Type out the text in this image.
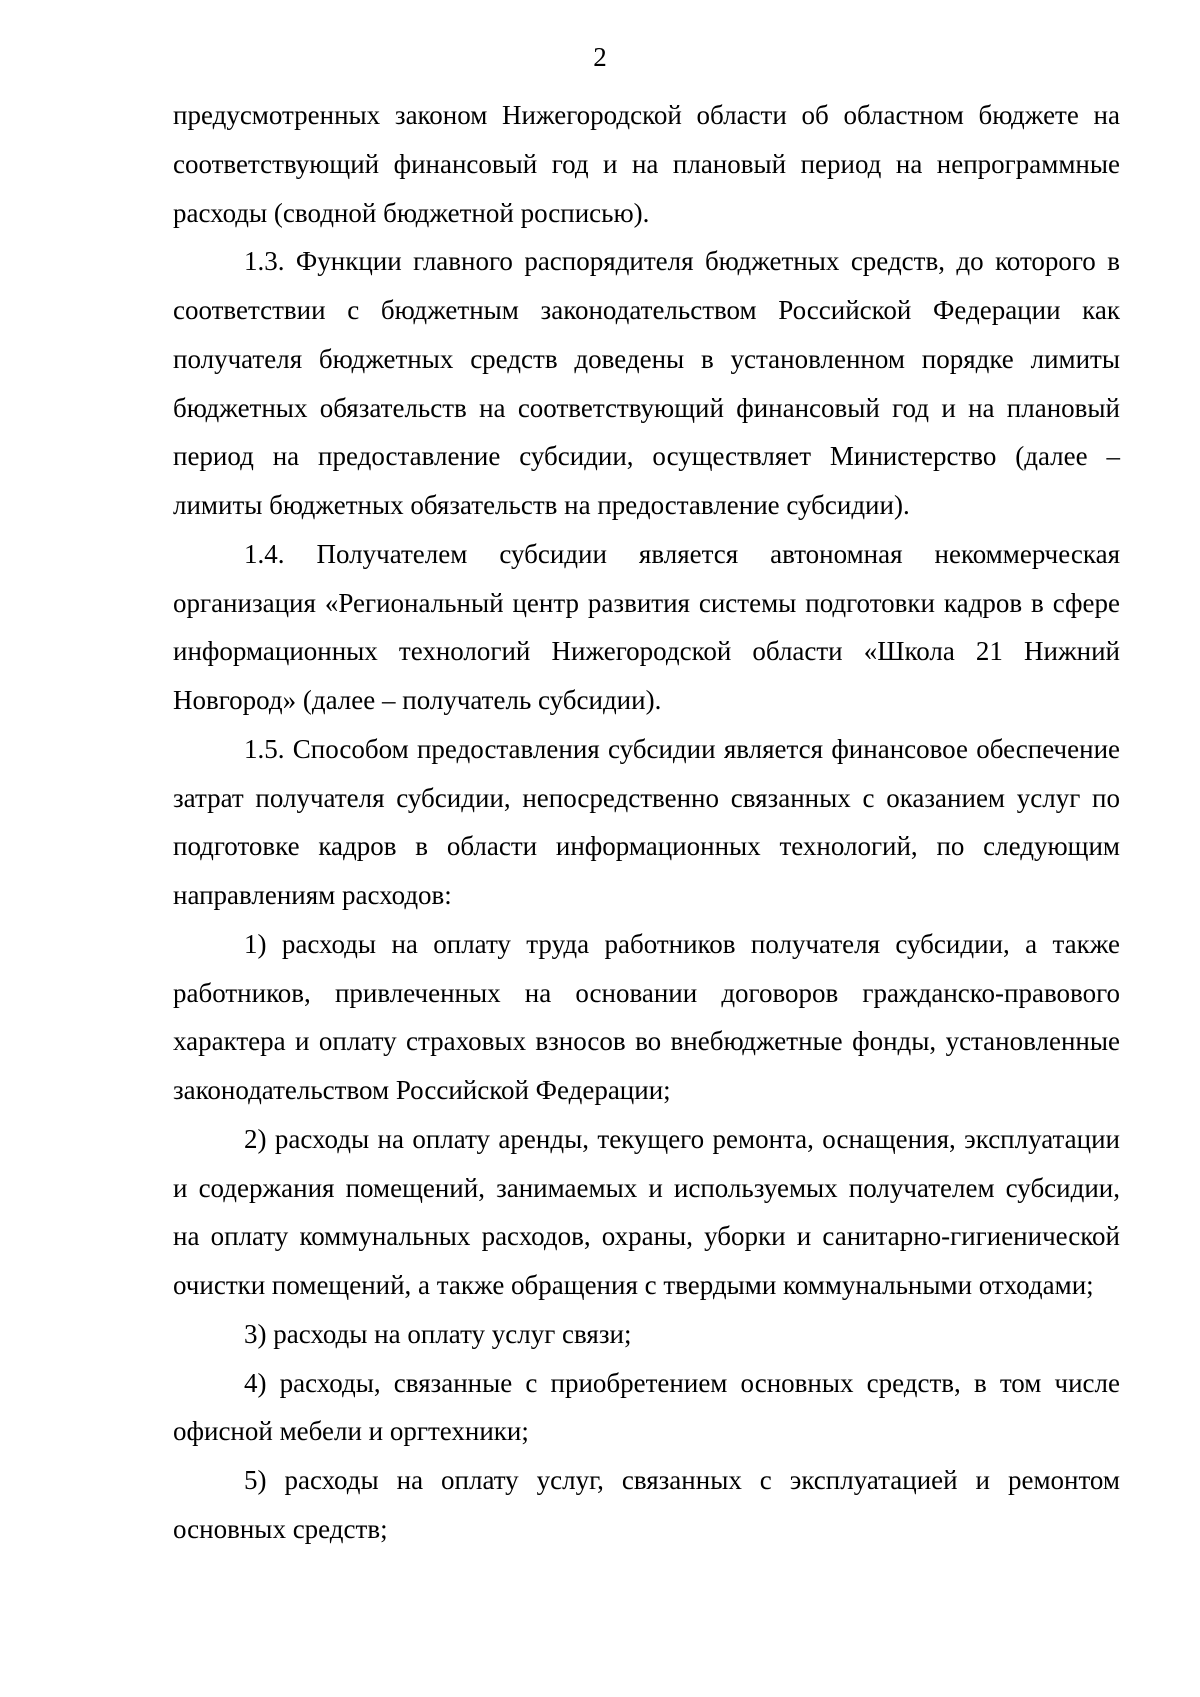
2

предусмотренных законом Нижегородской области об областном бюджете на соответствующий финансовый год и на плановый период на непрограммные расходы (сводной бюджетной росписью).

1.3. Функции главного распорядителя бюджетных средств, до которого в соответствии с бюджетным законодательством Российской Федерации как получателя бюджетных средств доведены в установленном порядке лимиты бюджетных обязательств на соответствующий финансовый год и на плановый период на предоставление субсидии, осуществляет Министерство (далее – лимиты бюджетных обязательств на предоставление субсидии).

1.4. Получателем субсидии является автономная некоммерческая организация «Региональный центр развития системы подготовки кадров в сфере информационных технологий Нижегородской области «Школа 21 Нижний Новгород» (далее – получатель субсидии).

1.5. Способом предоставления субсидии является финансовое обеспечение затрат получателя субсидии, непосредственно связанных с оказанием услуг по подготовке кадров в области информационных технологий, по следующим направлениям расходов:

1) расходы на оплату труда работников получателя субсидии, а также работников, привлеченных на основании договоров гражданско-правового характера и оплату страховых взносов во внебюджетные фонды, установленные законодательством Российской Федерации;

2) расходы на оплату аренды, текущего ремонта, оснащения, эксплуатации и содержания помещений, занимаемых и используемых получателем субсидии, на оплату коммунальных расходов, охраны, уборки и санитарно-гигиенической очистки помещений, а также обращения с твердыми коммунальными отходами;

3) расходы на оплату услуг связи;

4) расходы, связанные с приобретением основных средств, в том числе офисной мебели и оргтехники;

5) расходы на оплату услуг, связанных с эксплуатацией и ремонтом основных средств;
